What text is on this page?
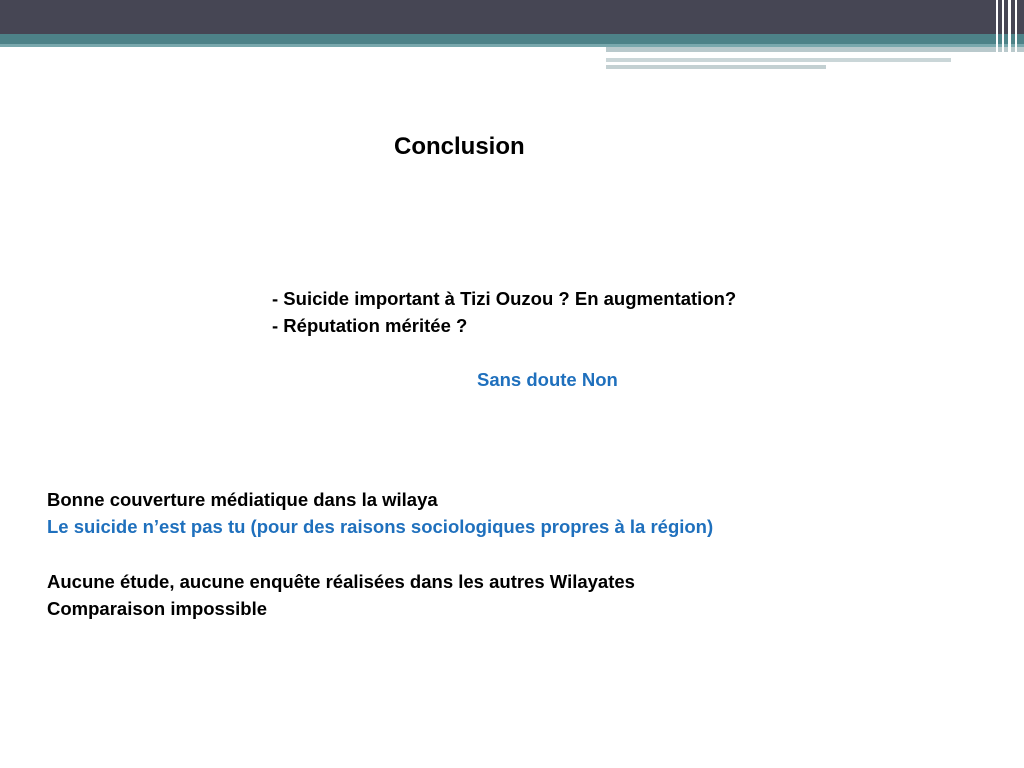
Conclusion
- Suicide important à Tizi Ouzou ? En augmentation?
- Réputation méritée ?
Sans doute Non
Bonne couverture médiatique dans la wilaya
Le suicide n’est pas tu (pour des raisons sociologiques propres à la région)
Aucune étude, aucune enquête réalisées dans les autres Wilayates
Comparaison impossible
